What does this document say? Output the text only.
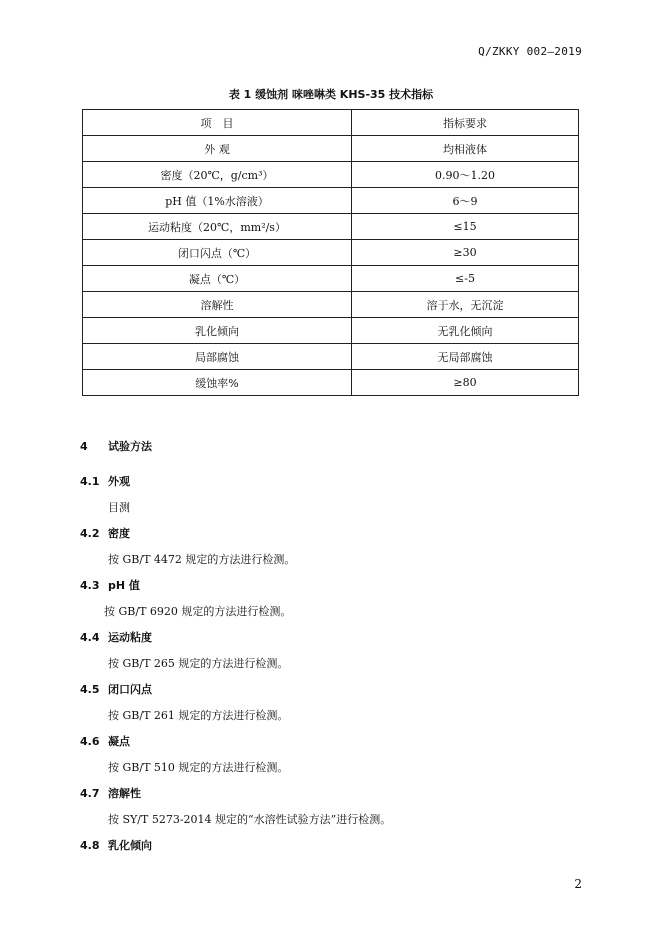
Q/ZKKY 002—2019
表 1 缓蚀剂 咪唑啉类 KHS-35 技术指标
项　目	指标要求
外 观	均相液体
密度（20℃，g/cm³）	0.90～1.20
pH 值（1%水溶液）	6～9
运动粘度（20℃，mm²/s）	≤15
闭口闪点（℃）	≥30
凝点（℃）	≤-5
溶解性	溶于水，无沉淀
乳化倾向	无乳化倾向
局部腐蚀	无局部腐蚀
缓蚀率%	≥80
4 试验方法
4.1 外观
目测
4.2 密度
按 GB/T 4472 规定的方法进行检测。
4.3 pH 值
按 GB/T 6920 规定的方法进行检测。
4.4 运动粘度
按 GB/T 265 规定的方法进行检测。
4.5 闭口闪点
按 GB/T 261 规定的方法进行检测。
4.6 凝点
按 GB/T 510 规定的方法进行检测。
4.7 溶解性
按 SY/T 5273-2014 规定的“水溶性试验方法”进行检测。
4.8 乳化倾向
2
